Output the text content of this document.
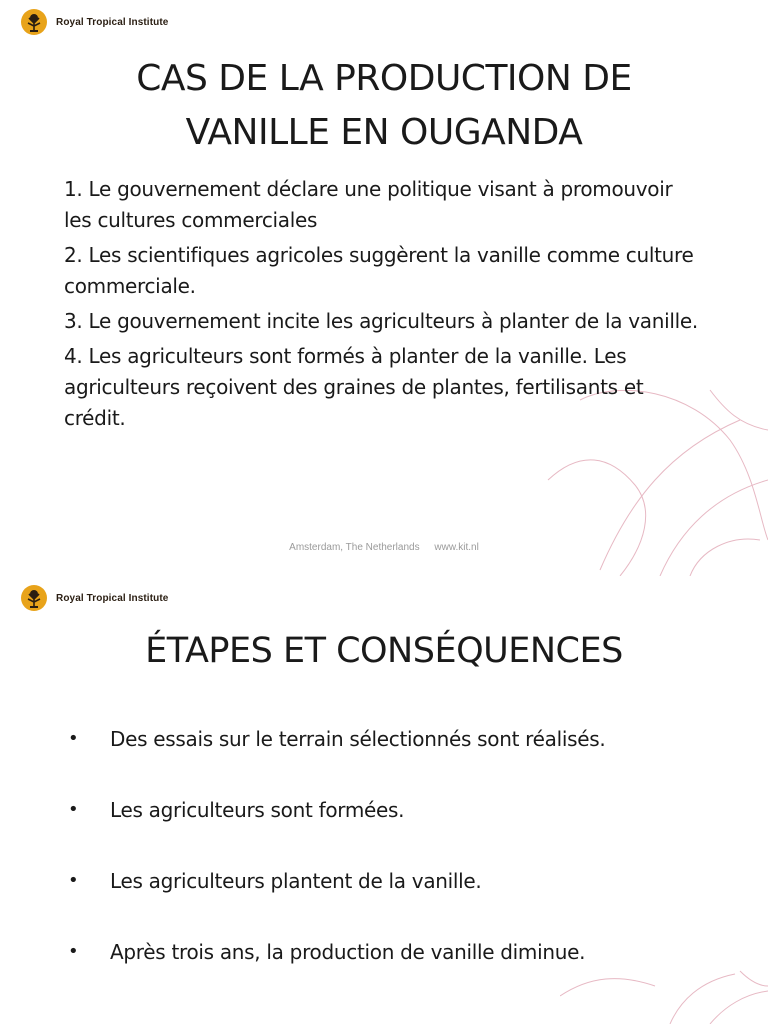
Royal Tropical Institute
CAS DE LA PRODUCTION DE
VANILLE EN OUGANDA
1. Le gouvernement déclare une politique visant à promouvoir les cultures commerciales
2. Les scientifiques agricoles suggèrent la vanille comme culture commerciale.
3. Le gouvernement incite les agriculteurs à planter de la vanille.
4. Les agriculteurs sont formés à planter de la vanille. Les agriculteurs reçoivent des graines de plantes, fertilisants et crédit.
Amsterdam, The Netherlands www.kit.nl
Royal Tropical Institute
ÉTAPES ET CONSÉQUENCES
• Des essais sur le terrain sélectionnés sont réalisés.
• Les agriculteurs sont formées.
• Les agriculteurs plantent de la vanille.
• Après trois ans, la production de vanille diminue.
